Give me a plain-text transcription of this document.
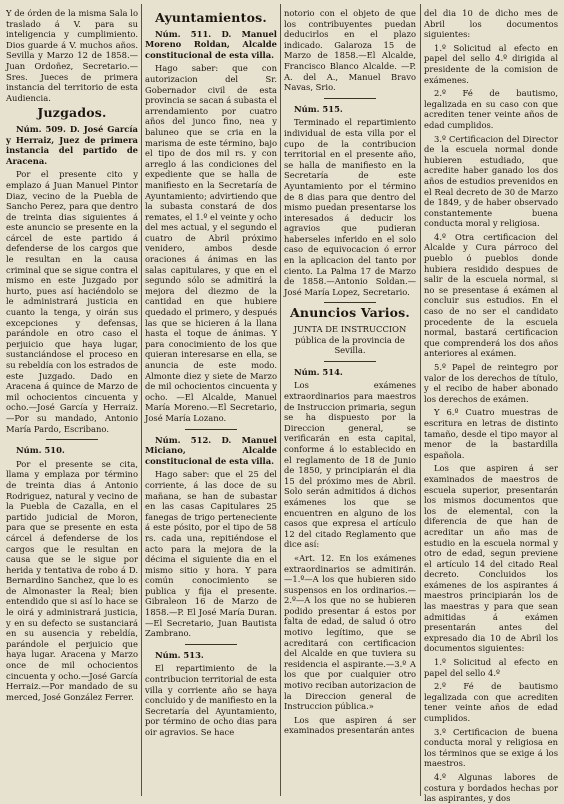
Y de órden de la misma Sala lo traslado á V. para su inteligencia y cumplimiento. Dios guarde á V. muchos años. Sevilla y Marzo 12 de 1858.—Juan Ordoñez, Secretario.—Sres. Jueces de primera instancia del territorio de esta Audiencia.

Juzgados.

Núm. 509. D. José García y Herraiz, Juez de primera instancia del partido de Aracena.

Por el presente cito y emplazo á Juan Manuel Pintor Diaz, vecino de la Puebla de Sancho Perez, para que dentro de treinta dias siguientes á este anuncio se presente en la cárcel de este partido á defenderse de los cargos que le resultan en la causa criminal que se sigue contra el mismo en este Juzgado por hurto, pues así haciéndolo se le administrará justicia en cuanto la tenga, y oirán sus excepciones y defensas, parándole en otro caso el perjuicio que haya lugar, sustanciándose el proceso en su rebeldía con los estrados de este Juzgado. Dado en Aracena á quince de Marzo de mil ochocientos cincuenta y ocho.—José García y Herraiz.—Por su mandado, Antonio María Pardo, Escribano.

Núm. 510.

Por el presente se cita, llama y emplaza por término de treinta dias á Antonio Rodriguez, natural y vecino de la Puebla de Cazalla, en el partido judicial de Moron, para que se presente en esta cárcel á defenderse de los cargos que le resultan en causa que se le sigue por herida y tentativa de robo á D. Bernardino Sanchez, que lo es de Almonaster la Real; bien entendido que si así lo hace se le oirá y administrará justicia, y en su defecto se sustanciará en su ausencia y rebeldía, parándole el perjuicio que haya lugar. Aracena y Marzo once de mil ochocientos cincuenta y ocho.—José García Herraiz.—Por mandado de su merced, José González Ferrer.

Ayuntamientos.

Núm. 511. D. Manuel Moreno Roldan, Alcalde constitucional de esta villa.

Hago saber: que con autorizacion del Sr. Gobernador civil de esta provincia se sacan á subasta el arrendamiento por cuatro años del junco fino, nea y baluneo que se cria en la marisma de este término, bajo el tipo de dos mil rs. y con arreglo á las condiciones del expediente que se halla de manifiesto en la Secretaría de Ayuntamiento; advirtiendo que la subasta constará de dos remates, el 1.º el veinte y ocho del mes actual, y el segundo el cuatro de Abril próximo venidero, ambos desde oraciones á ánimas en las salas capitulares, y que en el segundo sólo se admitirá la mejora del diezmo de la cantidad en que hubiere quedado el primero, y después las que se hicieren á la llana hasta el toque de ánimas. Y para conocimiento de los que quieran interesarse en ella, se anuncia de este modo. Almonte diez y siete de Marzo de mil ochocientos cincuenta y ocho. —El Alcalde, Manuel María Moreno.—El Secretario, José María Lozano.

Núm. 512. D. Manuel Miciano, Alcalde constitucional de esta villa.

Hago saber: que el 25 del corriente, á las doce de su mañana, se han de subastar en las casas Capitulares 25 fanegas de trigo perteneciente á este pósito, por el tipo de 58 rs. cada una, repitiéndose el acto para la mejora de la décima el siguiente dia en el mismo sitio y hora. Y para común conocimiento se publica y fija el presente. Gibraleon 16 de Marzo de 1858.—P. El José María Duran.—El Secretario, Juan Bautista Zambrano.

Núm. 513.

El repartimiento de la contribucion territorial de esta villa y corriente año se haya concluido y de manifiesto en la Secretaría del Ayuntamiento, por término de ocho dias para oir agravios. Se hace

notorio con el objeto de que los contribuyentes puedan deducirlos en el plazo indicado. Galaroza 15 de Marzo de 1858.—El Alcalde, Francisco Blanco Alcalde. —P. A. del A., Manuel Bravo Navas, Srio.

Núm. 515.

Terminado el repartimiento individual de esta villa por el cupo de la contribucion territorial en el presente año, se halla de manifiesto en la Secretaría de este Ayuntamiento por el término de 8 dias para que dentro del mismo puedan presentarse los interesados á deducir los agravios que pudieran haberseles inferido en el solo caso de equivocacion ó error en la aplicacion del tanto por ciento. La Palma 17 de Marzo de 1858.—Antonio Soldan.—José María Lopez, Secretario.

Anuncios Varios.

JUNTA DE INSTRUCCION pública de la provincia de Sevilla.

Núm. 514.

Los exámenes extraordinarios para maestros de Instruccion primaria, segun se ha dispuesto por la Direccion general, se verificarán en esta capital, conforme á lo establecido en el reglamento de 18 de Junio de 1850, y principiarán el dia 15 del próximo mes de Abril. Solo serán admitidos á dichos exámenes los que se encuentren en alguno de los casos que expresa el artículo 12 del citado Reglamento que dice así:

«Art. 12. En los exámenes extraordinarios se admitirán.—1.º—A los que hubieren sido suspensos en los ordinarios.—2.º—A los que no se hubieren podido presentar á estos por falta de edad, de salud ó otro motivo legítimo, que se acreditará con certificacion del Alcalde en que tuviera su residencia el aspirante.—3.º A los que por cualquier otro motivo reciban autorizacion de la Direccion general de Instruccion pública.»

Los que aspiren á ser examinados presentarán antes

del dia 10 de dicho mes de Abril los documentos siguientes:

1.º Solicitud al efecto en papel del sello 4.º dirigida al presidente de la comision de exámenes.

2.º Fé de bautismo, legalizada en su caso con que acrediten tener veinte años de edad cumplidos.

3.º Certificacion del Director de la escuela normal donde hubieren estudiado, que acredite haber ganado los dos años de estudios prevenidos en el Real decreto de 30 de Marzo de 1849, y de haber observado constantemente buena conducta moral y religiosa.

4.º Otra certificacion del Alcalde y Cura párroco del pueblo ó pueblos donde hubiera residido despues de salir de la escuela normal, si no se presentase á exámen al concluir sus estudios. En el caso de no ser el candidato procedente de la escuela normal, bastará certificacion que comprenderá los dos años anteriores al exámen.

5.º Papel de reintegro por valor de los derechos de título, y el recibo de haber abonado los derechos de exámen.

Y 6.º Cuatro muestras de escritura en letras de distinto tamaño, desde el tipo mayor al menor de la bastardilla española.

Los que aspiren á ser examinados de maestros de escuela superior, presentarán los mismos documentos que los de elemental, con la diferencia de que han de acreditar un año mas de estudio en la escuela normal y otro de edad, segun previene el artículo 14 del citado Real decreto. Concluidos los exámenes de los aspirantes á maestros principiarán los de las maestras y para que sean admitidas á exámen presentarán antes del expresado dia 10 de Abril los documentos siguientes:

1.º Solicitud al efecto en papel del sello 4.º

2.º Fé de bautismo legalizada con que acrediten tener veinte años de edad cumplidos.

3.º Certificacion de buena conducta moral y religiosa en los términos que se exige á los maestros.

4.º Algunas labores de costura y bordados hechas por las aspirantes, y dos
